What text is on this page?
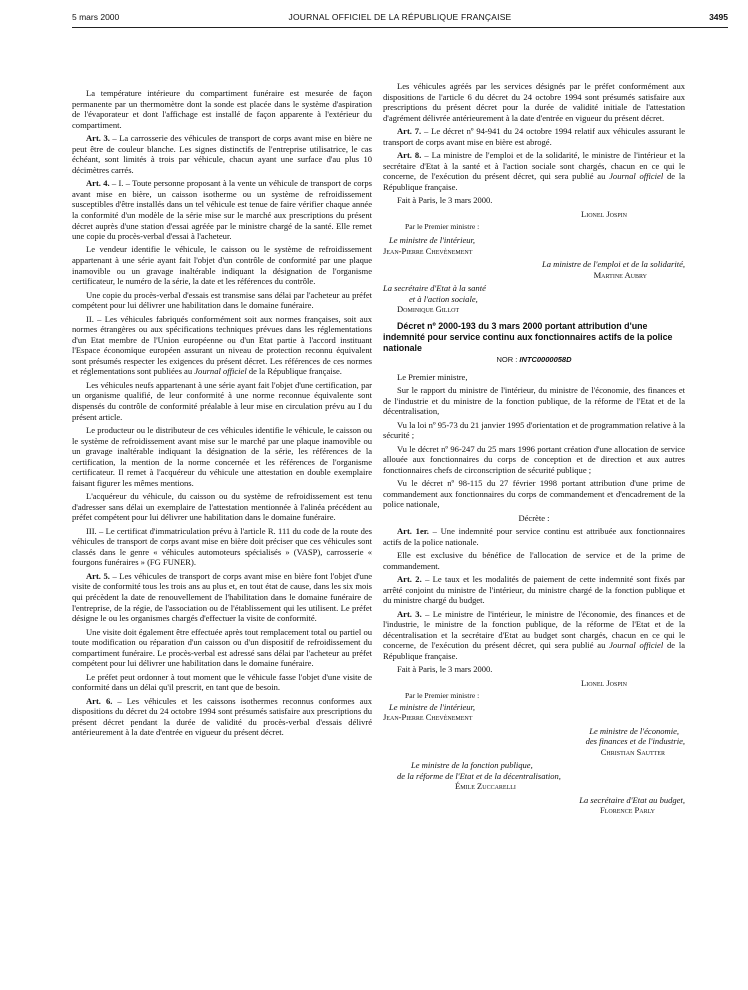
5 mars 2000	JOURNAL OFFICIEL DE LA RÉPUBLIQUE FRANÇAISE	3495

La température intérieure du compartiment funéraire est mesurée de façon permanente par un thermomètre dont la sonde est placée dans le système d'aspiration de l'évaporateur et dont l'affichage est installé de façon apparente à l'extérieur du compartiment.

Art. 3. – La carrosserie des véhicules de transport de corps avant mise en bière ne peut être de couleur blanche. Les signes distinctifs de l'entreprise utilisatrice, le cas échéant, sont limités à trois par véhicule, chacun ayant une surface d'au plus 10 décimètres carrés.

Art. 4. – I. – Toute personne proposant à la vente un véhicule de transport de corps avant mise en bière, un caisson isotherme ou un système de refroidissement susceptibles d'être installés dans un tel véhicule est tenue de faire vérifier chaque année la conformité d'un modèle de la série mise sur le marché aux prescriptions du présent décret auprès d'une station d'essai agréée par le ministre chargé de la santé. Elle remet une copie du procès-verbal d'essai à l'acheteur.

Le vendeur identifie le véhicule, le caisson ou le système de refroidissement appartenant à une série ayant fait l'objet d'un contrôle de conformité par une plaque inamovible ou un gravage inaltérable indiquant la désignation de l'organisme certificateur, le numéro de la série, la date et les références du contrôle.

Une copie du procès-verbal d'essais est transmise sans délai par l'acheteur au préfet compétent pour lui délivrer une habilitation dans le domaine funéraire.

II. – Les véhicules fabriqués conformément soit aux normes françaises, soit aux normes étrangères ou aux spécifications techniques prévues dans les réglementations d'un Etat membre de l'Union européenne ou d'un Etat partie à l'accord instituant l'Espace économique européen assurant un niveau de protection reconnu équivalent sont présumés respecter les exigences du présent décret. Les références de ces normes et réglementations sont publiées au Journal officiel de la République française.

Les véhicules neufs appartenant à une série ayant fait l'objet d'une certification, par un organisme qualifié, de leur conformité à une norme reconnue équivalente sont dispensés du contrôle de conformité préalable à leur mise en circulation prévu au I du présent article.

Le producteur ou le distributeur de ces véhicules identifie le véhicule, le caisson ou le système de refroidissement avant mise sur le marché par une plaque inamovible ou un gravage inaltérable indiquant la désignation de la série, les références de la certification, la mention de la norme concernée et les références de l'organisme certificateur. Il remet à l'acquéreur du véhicule une attestation en double exemplaire faisant figurer les mêmes mentions.

L'acquéreur du véhicule, du caisson ou du système de refroidissement est tenu d'adresser sans délai un exemplaire de l'attestation mentionnée à l'alinéa précédent au préfet compétent pour lui délivrer une habilitation dans le domaine funéraire.

III. – Le certificat d'immatriculation prévu à l'article R. 111 du code de la route des véhicules de transport de corps avant mise en bière doit préciser que ces véhicules sont classés dans le genre « véhicules automoteurs spécialisés » (VASP), carrosserie « fourgons funéraires » (FG FUNER).

Art. 5. – Les véhicules de transport de corps avant mise en bière font l'objet d'une visite de conformité tous les trois ans au plus et, en tout état de cause, dans les six mois qui précèdent la date de renouvellement de l'habilitation dans le domaine funéraire de l'entreprise, de la régie, de l'association ou de l'établissement qui les utilisent. Le préfet désigne le ou les organismes chargés d'effectuer la visite de conformité.

Une visite doit également être effectuée après tout remplacement total ou partiel ou toute modification ou réparation d'un caisson ou d'un dispositif de refroidissement du compartiment funéraire. Le procès-verbal est adressé sans délai par l'acheteur au préfet compétent pour lui délivrer une habilitation dans le domaine funéraire.

Le préfet peut ordonner à tout moment que le véhicule fasse l'objet d'une visite de conformité dans un délai qu'il prescrit, en tant que de besoin.

Art. 6. – Les véhicules et les caissons isothermes reconnus conformes aux dispositions du décret du 24 octobre 1994 sont présumés satisfaire aux prescriptions du présent décret pendant la durée de validité du procès-verbal d'essais délivré antérieurement à la date d'entrée en vigueur du présent décret.

Les véhicules agréés par les services désignés par le préfet conformément aux dispositions de l'article 6 du décret du 24 octobre 1994 sont présumés satisfaire aux prescriptions du présent décret pour la durée de validité initiale de l'attestation d'agrément délivrée antérieurement à la date d'entrée en vigueur du présent décret.

Art. 7. – Le décret nº 94-941 du 24 octobre 1994 relatif aux véhicules assurant le transport de corps avant mise en bière est abrogé.

Art. 8. – La ministre de l'emploi et de la solidarité, le ministre de l'intérieur et la secrétaire d'Etat à la santé et à l'action sociale sont chargés, chacun en ce qui le concerne, de l'exécution du présent décret, qui sera publié au Journal officiel de la République française.

Fait à Paris, le 3 mars 2000.

Lionel Jospin

Par le Premier ministre :

Le ministre de l'intérieur,

Jean-Pierre Chevènement

La ministre de l'emploi et de la solidarité,

Martine Aubry

La secrétaire d'Etat à la santé

et à l'action sociale,

Dominique Gillot

Décret nº 2000-193 du 3 mars 2000 portant attribution d'une indemnité pour service continu aux fonctionnaires actifs de la police nationale
NOR : INTC0000058D

Le Premier ministre,

Sur le rapport du ministre de l'intérieur, du ministre de l'économie, des finances et de l'industrie et du ministre de la fonction publique, de la réforme de l'Etat et de la décentralisation,

Vu la loi nº 95-73 du 21 janvier 1995 d'orientation et de programmation relative à la sécurité ;

Vu le décret nº 96-247 du 25 mars 1996 portant création d'une allocation de service allouée aux fonctionnaires du corps de conception et de direction et aux autres fonctionnaires chefs de circonscription de sécurité publique ;

Vu le décret nº 98-115 du 27 février 1998 portant attribution d'une prime de commandement aux fonctionnaires du corps de commandement et d'encadrement de la police nationale,

Décrète :

Art. 1er. – Une indemnité pour service continu est attribuée aux fonctionnaires actifs de la police nationale.

Elle est exclusive du bénéfice de l'allocation de service et de la prime de commandement.

Art. 2. – Le taux et les modalités de paiement de cette indemnité sont fixés par arrêté conjoint du ministre de l'intérieur, du ministre chargé de la fonction publique et du ministre chargé du budget.

Art. 3. – Le ministre de l'intérieur, le ministre de l'économie, des finances et de l'industrie, le ministre de la fonction publique, de la réforme de l'Etat et de la décentralisation et la secrétaire d'Etat au budget sont chargés, chacun en ce qui le concerne, de l'exécution du présent décret, qui sera publié au Journal officiel de la République française.

Fait à Paris, le 3 mars 2000.

Lionel Jospin

Par le Premier ministre :

Le ministre de l'intérieur,

Jean-Pierre Chevènement

Le ministre de l'économie,

des finances et de l'industrie,

Christian Sautter

Le ministre de la fonction publique,

de la réforme de l'Etat et de la décentralisation,

Émile Zuccarelli

La secrétaire d'Etat au budget,

Florence Parly
